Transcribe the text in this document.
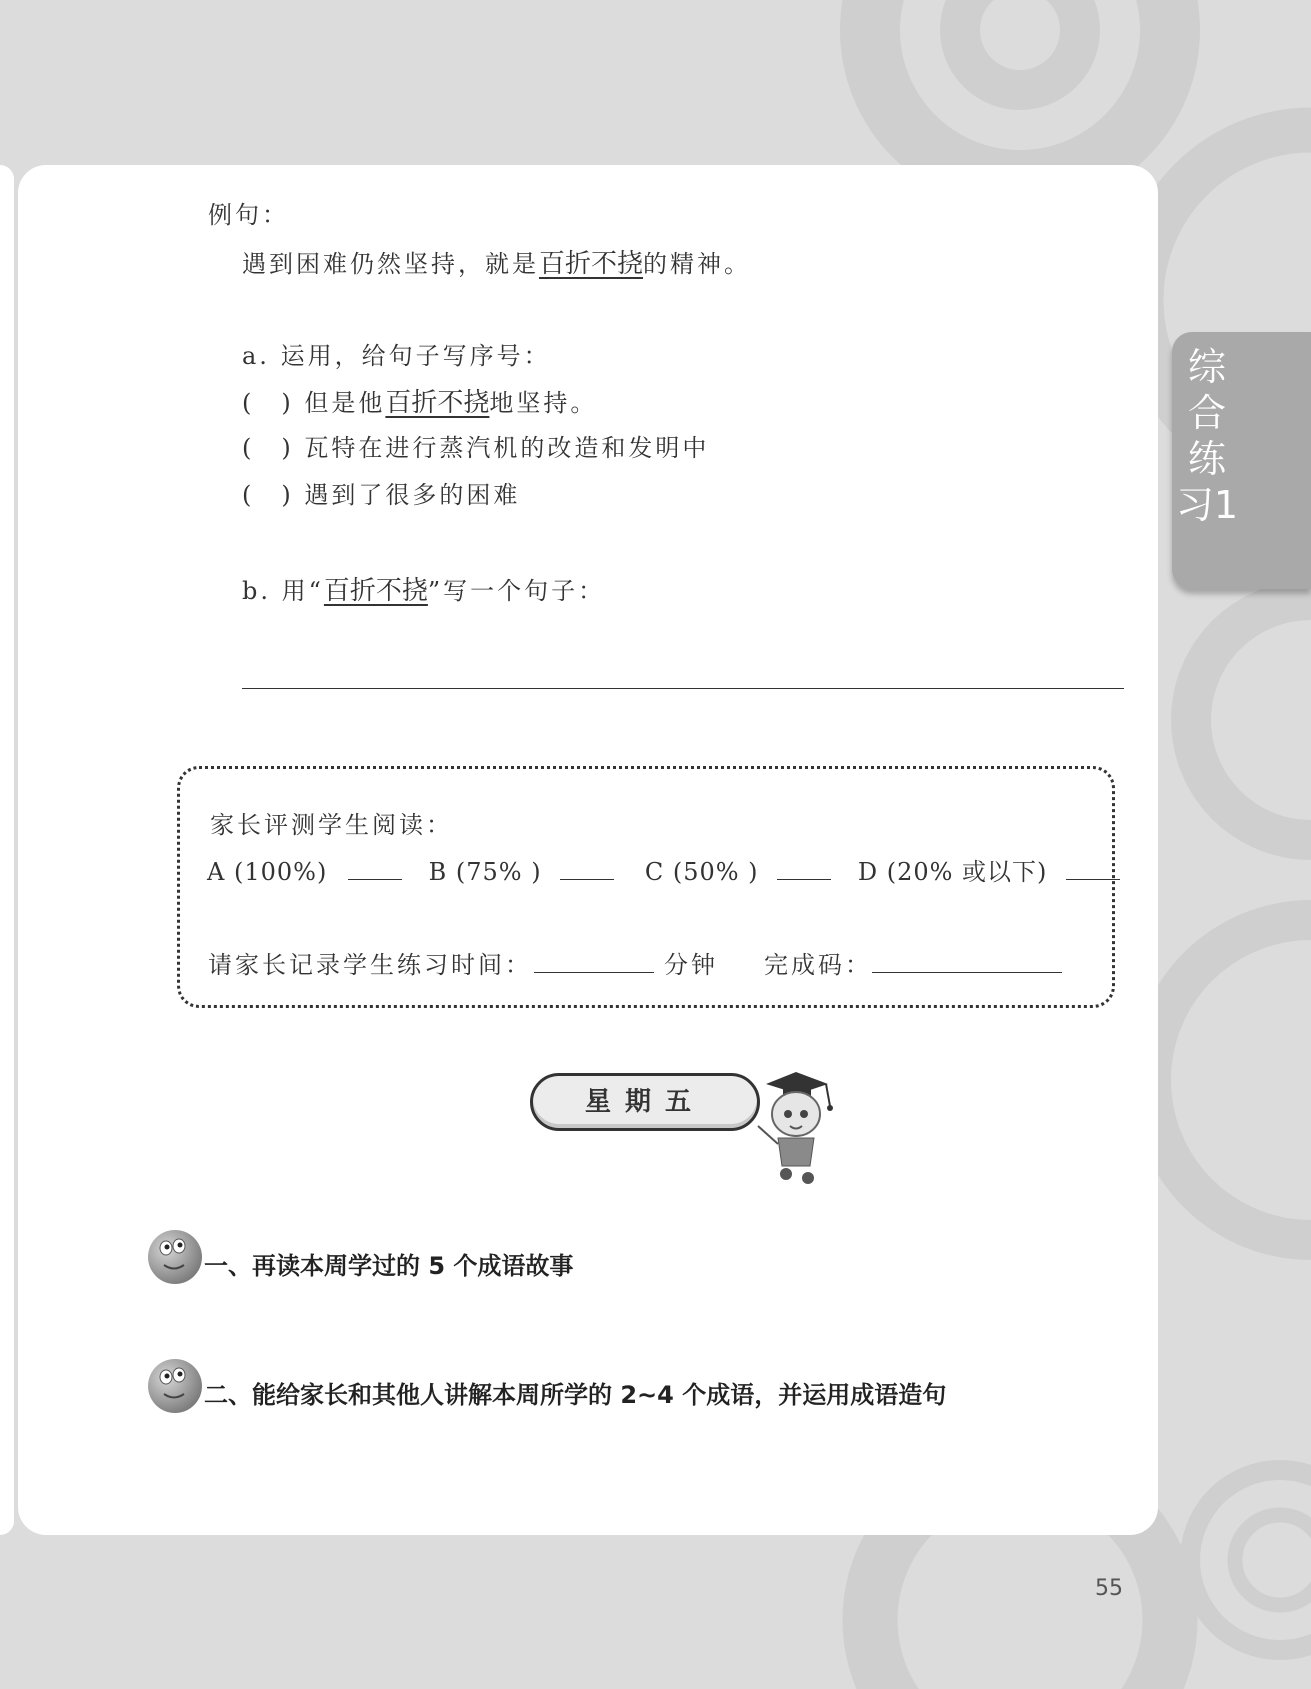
综合练习1
例句：
遇到困难仍然坚持，就是百折不挠的精神。
a. 运用，给句子写序号：
(　) 但是他百折不挠地坚持。
(　) 瓦特在进行蒸汽机的改造和发明中
(　) 遇到了很多的困难
b. 用“百折不挠”写一个句子：
家长评测学生阅读：
A (100%)	B (75% )	C (50% )	D (20% 或以下)
请家长记录学生练习时间：	分钟 完成码：
星期五
一、再读本周学过的 5 个成语故事
二、能给家长和其他人讲解本周所学的 2~4 个成语，并运用成语造句
55
